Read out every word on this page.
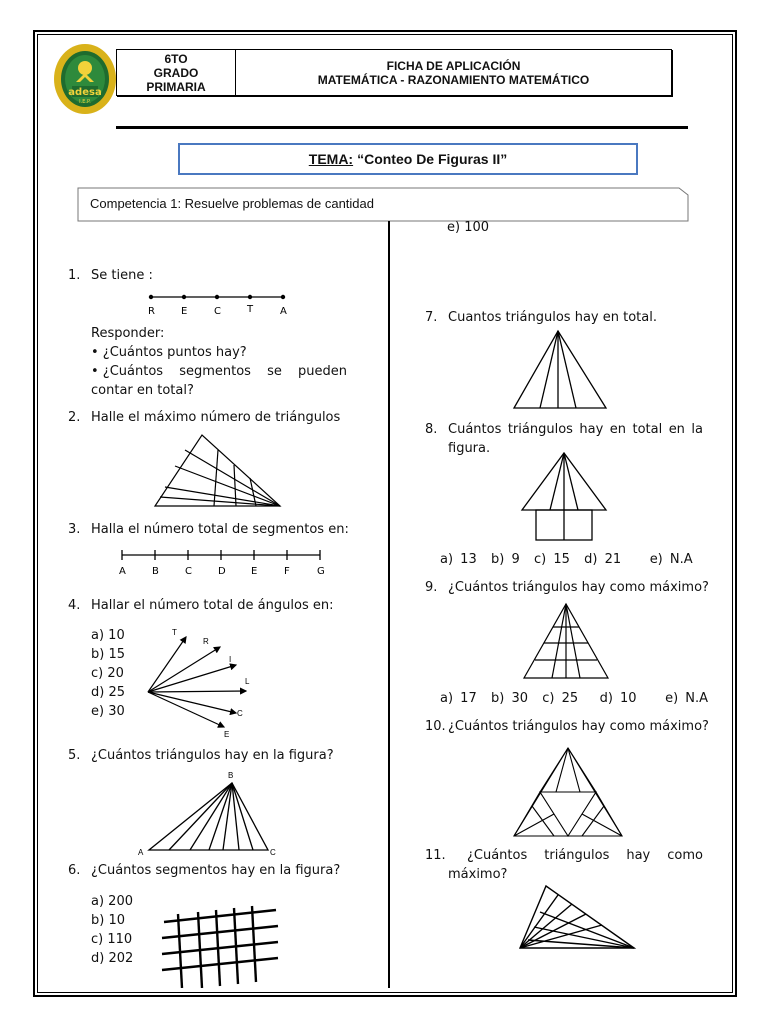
adesa
I.E.P.
6TO
GRADO
PRIMARIA
FICHA DE APLICACIÓN
MATEMÁTICA - RAZONAMIENTO MATEMÁTICO
TEMA: “Conteo De Figuras II”
Competencia 1: Resuelve problemas de cantidad
1. Se tiene :
R	E	C	T	A
Responder:
• ¿Cuántos puntos hay?
• ¿Cuántos segmentos se pueden
contar en total?
2. Halle el máximo número de triángulos
3. Halla el número total de segmentos en:
A	B	C	D	E	F	G
4. Hallar el número total de ángulos en:
a) 10
b) 15
c) 20
d) 25
e) 30
T
R
I
L
C
E
5. ¿Cuántos triángulos hay en la figura?
B
A	C
6. ¿Cuántos segmentos hay en la figura?
a) 200
b) 10
c) 110
d) 202
e) 100
7. Cuantos triángulos hay en total.
8. Cuántos triángulos hay en total en la
figura.
a) 13 b) 9 c) 15 d) 21 e) N.A
9. ¿Cuántos triángulos hay como máximo?
a) 17 b) 30 c) 25 d) 10 e) N.A
10. ¿Cuántos triángulos hay como máximo?
11.	¿Cuántos triángulos hay como
máximo?
